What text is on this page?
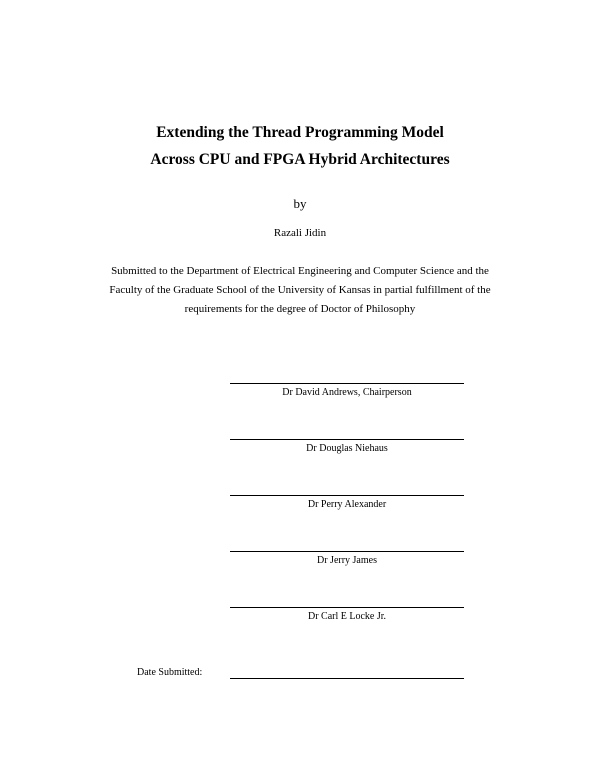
Extending the Thread Programming Model
Across CPU and FPGA Hybrid Architectures
by
Razali Jidin
Submitted to the Department of Electrical Engineering and Computer Science and the
Faculty of the Graduate School of the University of Kansas in partial fulfillment of the
requirements for the degree of Doctor of Philosophy
Dr David Andrews, Chairperson
Dr Douglas Niehaus
Dr Perry Alexander
Dr Jerry James
Dr Carl E Locke Jr.
Date Submitted:
